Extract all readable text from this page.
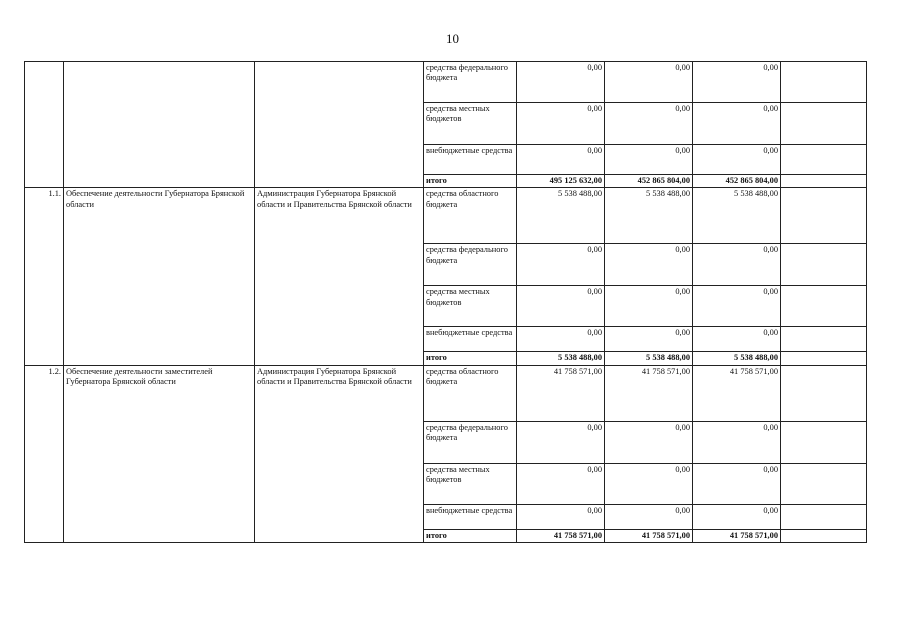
10
			средства федерального бюджета	0,00	0,00	0,00	
			средства местных бюджетов	0,00	0,00	0,00	
			внебюджетные средства	0,00	0,00	0,00	
			итого	495 125 632,00	452 865 804,00	452 865 804,00	
1.1.	Обеспечение деятельности Губернатора Брянской области	Администрация Губернатора Брянской области и Правительства Брянской области	средства областного бюджета	5 538 488,00	5 538 488,00	5 538 488,00	
			средства федерального бюджета	0,00	0,00	0,00	
			средства местных бюджетов	0,00	0,00	0,00	
			внебюджетные средства	0,00	0,00	0,00	
			итого	5 538 488,00	5 538 488,00	5 538 488,00	
1.2.	Обеспечение деятельности заместителей Губернатора Брянской области	Администрация Губернатора Брянской области и Правительства Брянской области	средства областного бюджета	41 758 571,00	41 758 571,00	41 758 571,00	
			средства федерального бюджета	0,00	0,00	0,00	
			средства местных бюджетов	0,00	0,00	0,00	
			внебюджетные средства	0,00	0,00	0,00	
			итого	41 758 571,00	41 758 571,00	41 758 571,00	
